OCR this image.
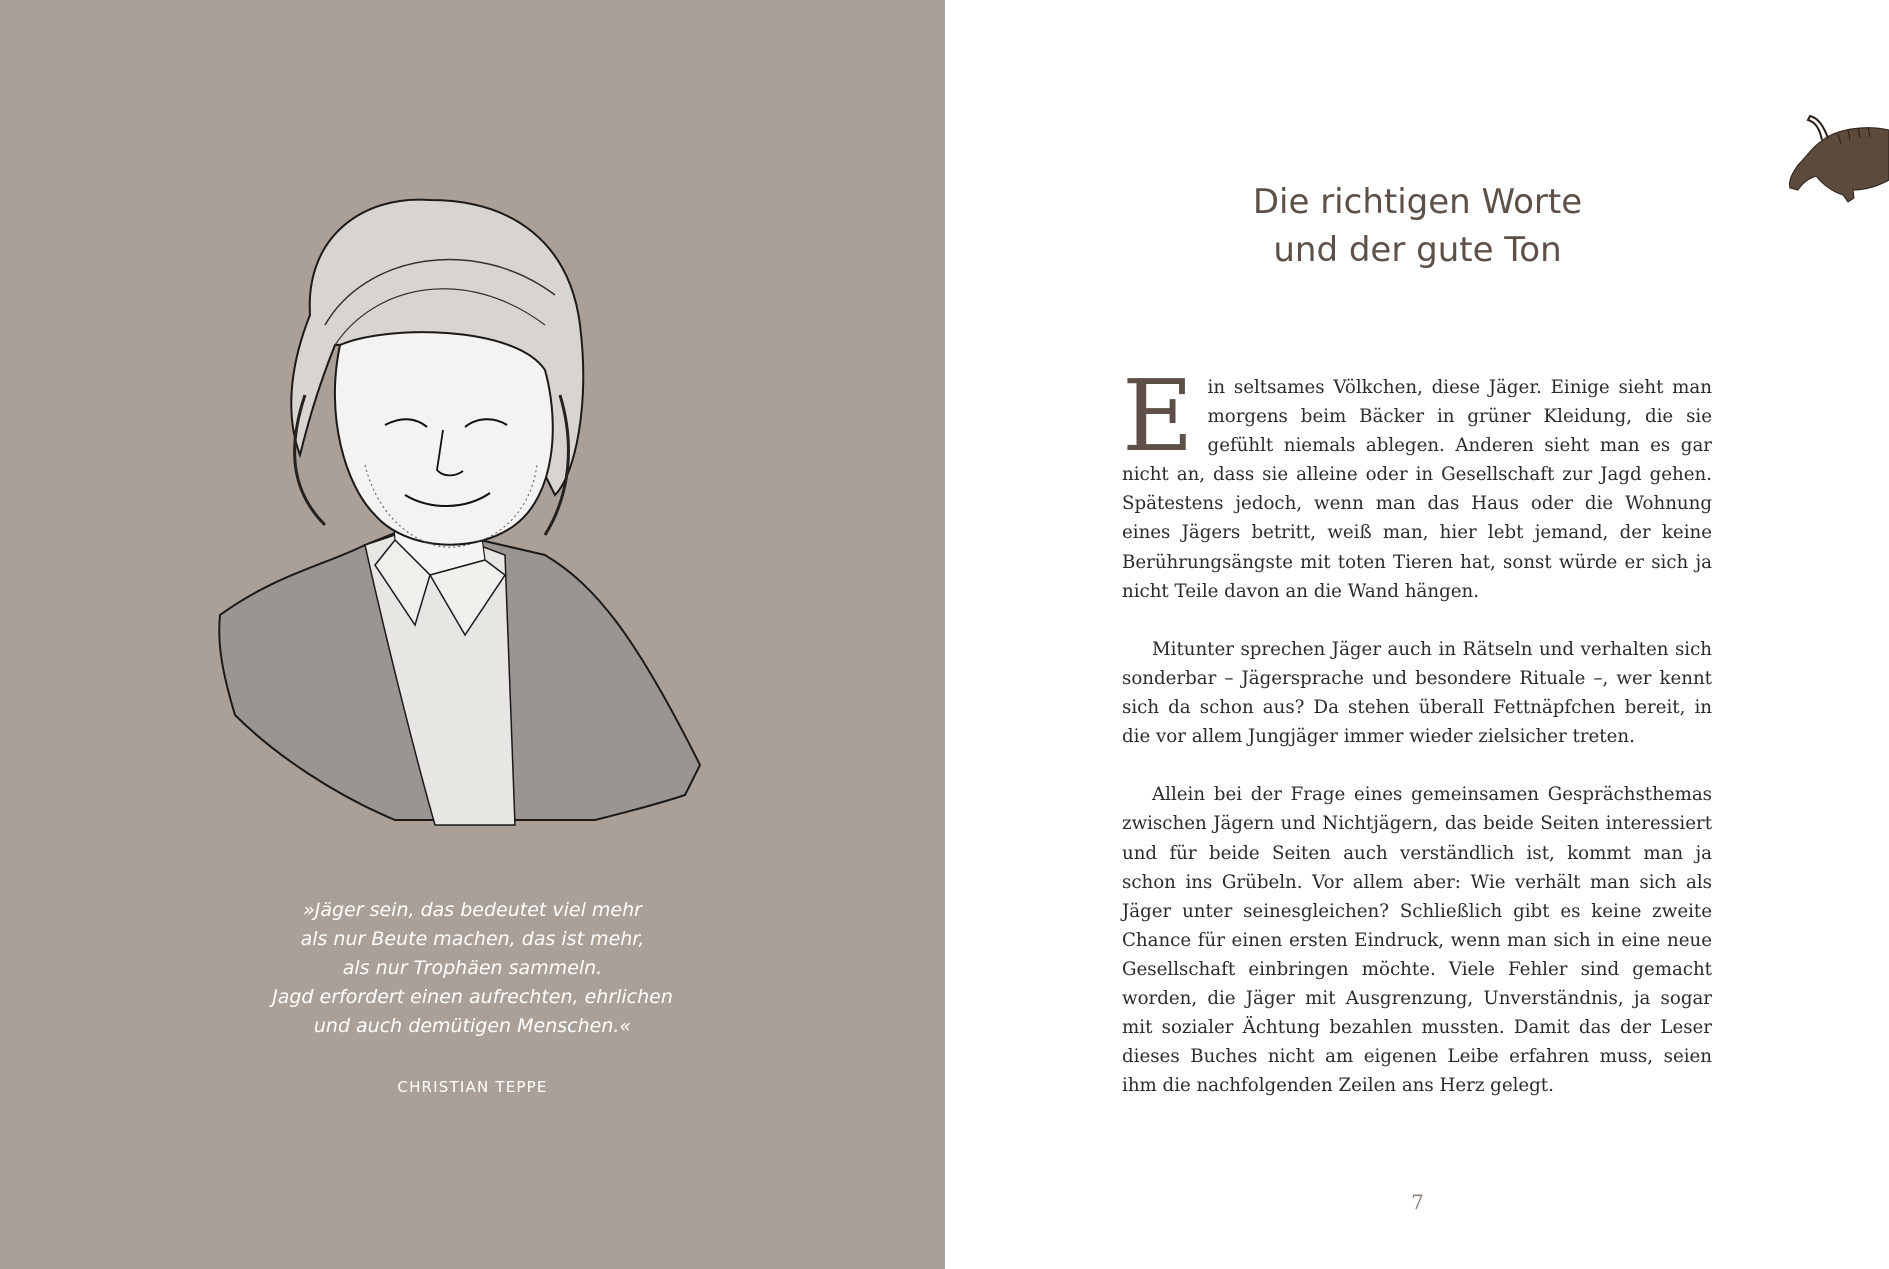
»Jäger sein, das bedeutet viel mehr
als nur Beute machen, das ist mehr,
als nur Trophäen sammeln.
Jagd erfordert einen aufrechten, ehrlichen
und auch demütigen Menschen.«
CHRISTIAN TEPPE
Die richtigen Worte
und der gute Ton

Ein seltsames Völkchen, diese Jäger. Einige sieht man morgens beim Bäcker in grüner Kleidung, die sie gefühlt niemals ablegen. Anderen sieht man es gar nicht an, dass sie alleine oder in Gesellschaft zur Jagd gehen. Spätestens jedoch, wenn man das Haus oder die Wohnung eines Jägers betritt, weiß man, hier lebt jemand, der keine Berührungsängste mit toten Tieren hat, sonst würde er sich ja nicht Teile davon an die Wand hängen.

Mitunter sprechen Jäger auch in Rätseln und verhalten sich sonderbar – Jägersprache und besondere Rituale –, wer kennt sich da schon aus? Da stehen überall Fettnäpfchen bereit, in die vor allem Jungjäger immer wieder zielsicher treten.

Allein bei der Frage eines gemeinsamen Gesprächsthemas zwischen Jägern und Nichtjägern, das beide Seiten interessiert und für beide Seiten auch verständlich ist, kommt man ja schon ins Grübeln. Vor allem aber: Wie verhält man sich als Jäger unter seinesgleichen? Schließlich gibt es keine zweite Chance für einen ersten Eindruck, wenn man sich in eine neue Gesellschaft einbringen möchte. Viele Fehler sind gemacht worden, die Jäger mit Ausgrenzung, Unverständnis, ja sogar mit sozialer Ächtung bezahlen mussten. Damit das der Leser dieses Buches nicht am eigenen Leibe erfahren muss, seien ihm die nachfolgenden Zeilen ans Herz gelegt.

7
